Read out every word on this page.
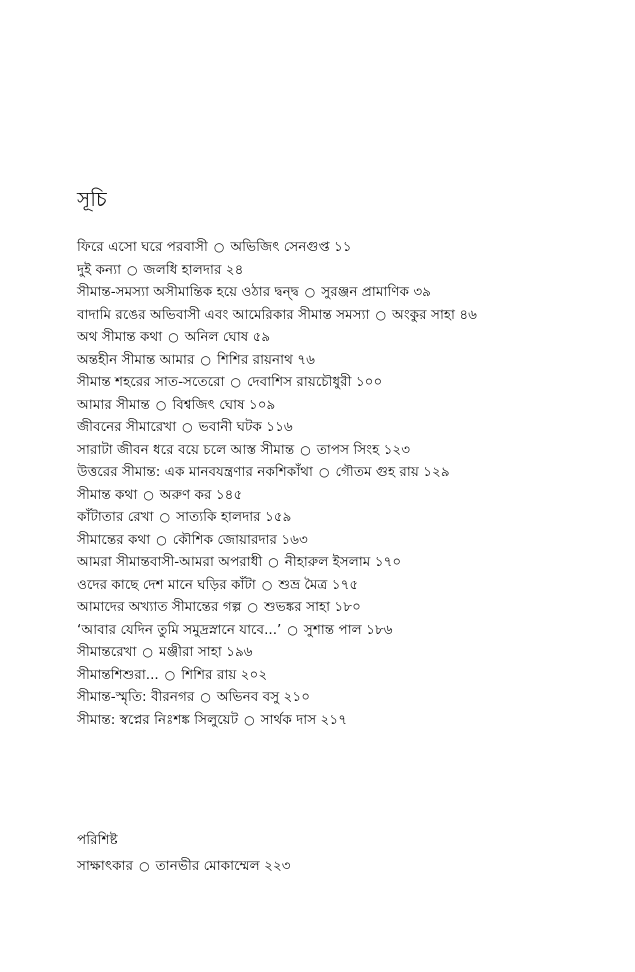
সূচি
ফিরে এসো ঘরে পরবাসী ○ অভিজিৎ সেনগুপ্ত ১১
দুই কন্যা ○ জলধি হালদার ২৪
সীমান্ত-সমস্যা অসীমান্তিক হয়ে ওঠার দ্বন্দ্ব ○ সুরঞ্জন প্রামাণিক ৩৯
বাদামি রঙের অভিবাসী এবং আমেরিকার সীমান্ত সমস্যা ○ অংকুর সাহা ৪৬
অথ সীমান্ত কথা ○ অনিল ঘোষ ৫৯
অন্তহীন সীমান্ত আমার ○ শিশির রায়নাথ ৭৬
সীমান্ত শহরের সাত-সতেরো ○ দেবাশিস রায়চৌধুরী ১০০
আমার সীমান্ত ○ বিশ্বজিৎ ঘোষ ১০৯
জীবনের সীমারেখা ○ ভবানী ঘটক ১১৬
সারাটা জীবন ধরে বয়ে চলে আস্ত সীমান্ত ○ তাপস সিংহ ১২৩
উত্তরের সীমান্ত: এক মানবযন্ত্রণার নকশিকাঁথা ○ গৌতম গুহ রায় ১২৯
সীমান্ত কথা ○ অরুণ কর ১৪৫
কাঁটাতার রেখা ○ সাত্যকি হালদার ১৫৯
সীমান্তের কথা ○ কৌশিক জোয়ারদার ১৬৩
আমরা সীমান্তবাসী-আমরা অপরাধী ○ নীহারুল ইসলাম ১৭০
ওদের কাছে দেশ মানে ঘড়ির কাঁটা ○ শুভ্র মৈত্র ১৭৫
আমাদের অখ্যাত সীমান্তের গল্প ○ শুভঙ্কর সাহা ১৮০
‘আবার যেদিন তুমি সমুদ্রস্নানে যাবে...’ ○ সুশান্ত পাল ১৮৬
সীমান্তরেখা ○ মঞ্জীরা সাহা ১৯৬
সীমান্তশিশুরা... ○ শিশির রায় ২০২
সীমান্ত-স্মৃতি: বীরনগর ○ অভিনব বসু ২১০
সীমান্ত: স্বপ্নের নিঃশঙ্ক সিলুয়েট ○ সার্থক দাস ২১৭
পরিশিষ্ট
সাক্ষাৎকার ○ তানভীর মোকাম্মেল ২২৩
